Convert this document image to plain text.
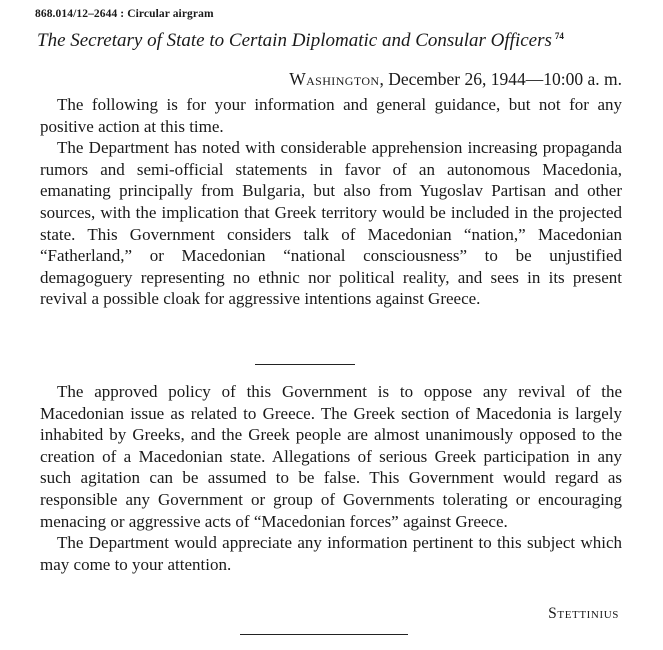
868.014/12–2644 : Circular airgram
The Secretary of State to Certain Diplomatic and Consular Officers $^{74}$
Washington, December 26, 1944—10:00 a. m.

The following is for your information and general guidance, but not for any positive action at this time.

The Department has noted with considerable apprehension increasing propaganda rumors and semi-official statements in favor of an autonomous Macedonia, emanating principally from Bulgaria, but also from Yugoslav Partisan and other sources, with the implication that Greek territory would be included in the projected state. This Government considers talk of Macedonian “nation,” Macedonian “Fatherland,” or Macedonian “national consciousness” to be unjustified demagoguery representing no ethnic nor political reality, and sees in its present revival a possible cloak for aggressive intentions against Greece.

The approved policy of this Government is to oppose any revival of the Macedonian issue as related to Greece. The Greek section of Macedonia is largely inhabited by Greeks, and the Greek people are almost unanimously opposed to the creation of a Macedonian state. Allegations of serious Greek participation in any such agitation can be assumed to be false. This Government would regard as responsible any Government or group of Governments tolerating or encouraging menacing or aggressive acts of “Macedonian forces” against Greece.

The Department would appreciate any information pertinent to this subject which may come to your attention.

Stettinius
